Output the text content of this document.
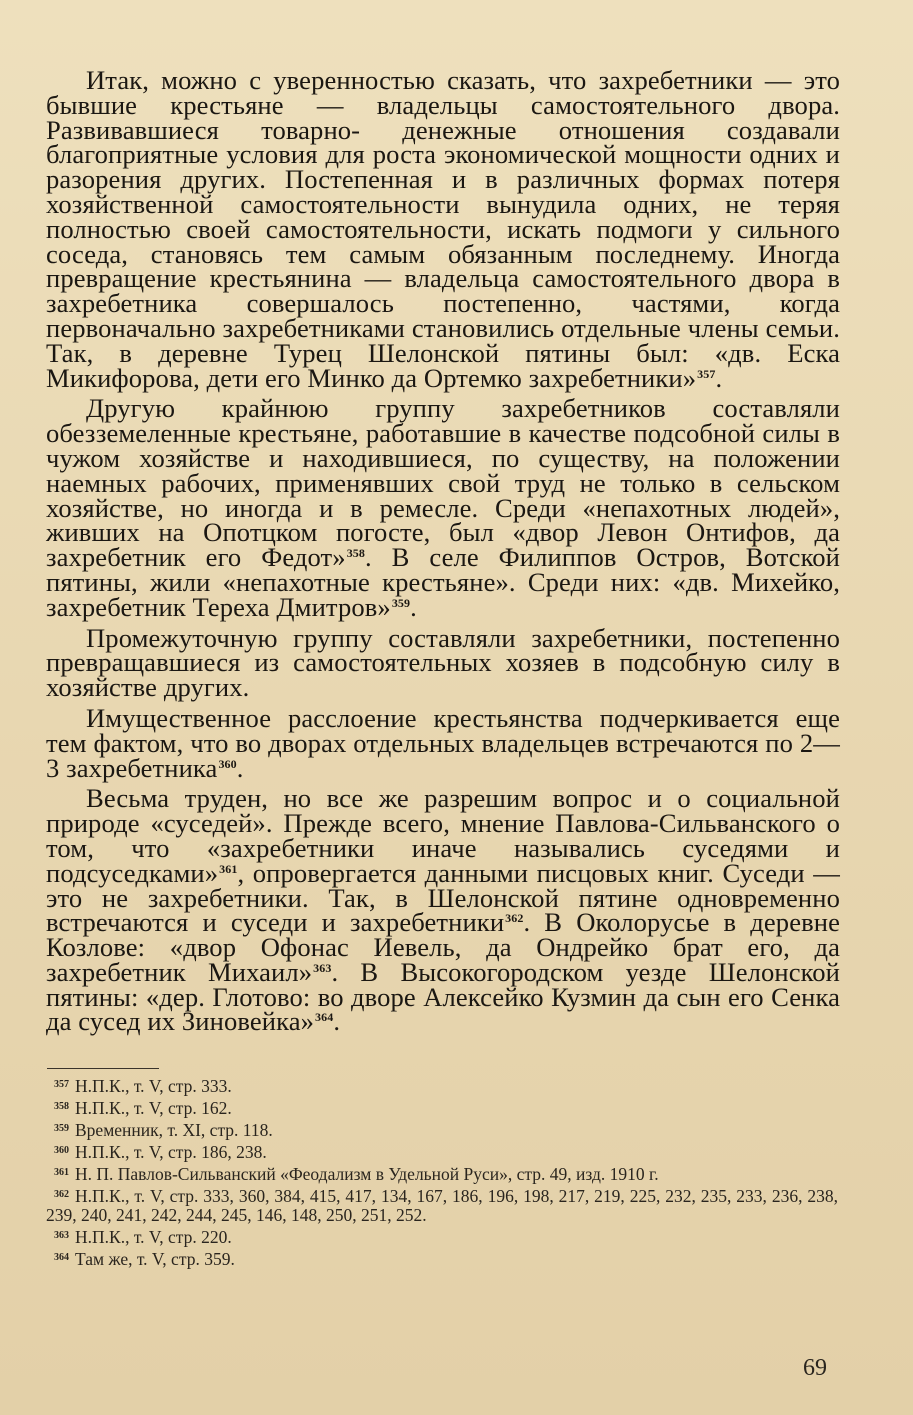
Итак, можно с уверенностью сказать, что захребетники — это бывшие крестьяне — владельцы самостоятельного двора. Развивавшиеся товарно- денежные отношения создавали благоприятные условия для роста экономической мощности одних и разорения других. Постепенная и в различных формах потеря хозяйственной самостоятельности вынудила одних, не теряя полностью своей самостоятельности, искать подмоги у сильного соседа, становясь тем самым обязанным последнему. Иногда превращение крестьянина — владельца самостоятельного двора в захребетника совершалось постепенно, частями, когда первоначально захребетниками становились отдельные члены семьи. Так, в деревне Турец Шелонской пятины был: «дв. Еска Микифорова, дети его Минко да Ортемко захребетники»$^{357}$.

Другую крайнюю группу захребетников составляли обезземеленные крестьяне, работавшие в качестве подсобной силы в чужом хозяйстве и находившиеся, по существу, на положении наемных рабочих, применявших свой труд не только в сельском хозяйстве, но иногда и в ремесле. Среди «непахотных людей», живших на Опотцком погосте, был «двор Левон Онтифов, да захребетник его Федот»$^{358}$. В селе Филиппов Остров, Вотской пятины, жили «непахотные крестьяне». Среди них: «дв. Михейко, захребетник Тереха Дмитров»$^{359}$.

Промежуточную группу составляли захребетники, постепенно превращавшиеся из самостоятельных хозяев в подсобную силу в хозяйстве других.

Имущественное расслоение крестьянства подчеркивается еще тем фактом, что во дворах отдельных владельцев встречаются по 2—3 захребетника$^{360}$.

Весьма труден, но все же разрешим вопрос и о социальной природе «суседей». Прежде всего, мнение Павлова-Сильванского о том, что «захребетники иначе назывались суседями и подсуседками»$^{361}$, опровергается данными писцовых книг. Суседи — это не захребетники. Так, в Шелонской пятине одновременно встречаются и суседи и захребетники$^{362}$. В Околорусье в деревне Козлове: «двор Офонас Иевель, да Ондрейко брат его, да захребетник Михаил»$^{363}$. В Высокогородском уезде Шелонской пятины: «дер. Глотово: во дворе Алексейко Кузмин да сын его Сенка да сусед их Зиновейка»$^{364}$.

$^{357}$ Н.П.К., т. V, стр. 333.
$^{358}$ Н.П.К., т. V, стр. 162.
$^{359}$ Временник, т. XI, стр. 118.
$^{360}$ Н.П.К., т. V, стр. 186, 238.
$^{361}$ Н. П. Павлов-Сильванский «Феодализм в Удельной Руси», стр. 49, изд. 1910 г.
$^{362}$ Н.П.К., т. V, стр. 333, 360, 384, 415, 417, 134, 167, 186, 196, 198, 217, 219, 225, 232, 235, 233, 236, 238, 239, 240, 241, 242, 244, 245, 146, 148, 250, 251, 252.
$^{363}$ Н.П.К., т. V, стр. 220.
$^{364}$ Там же, т. V, стр. 359.
69
